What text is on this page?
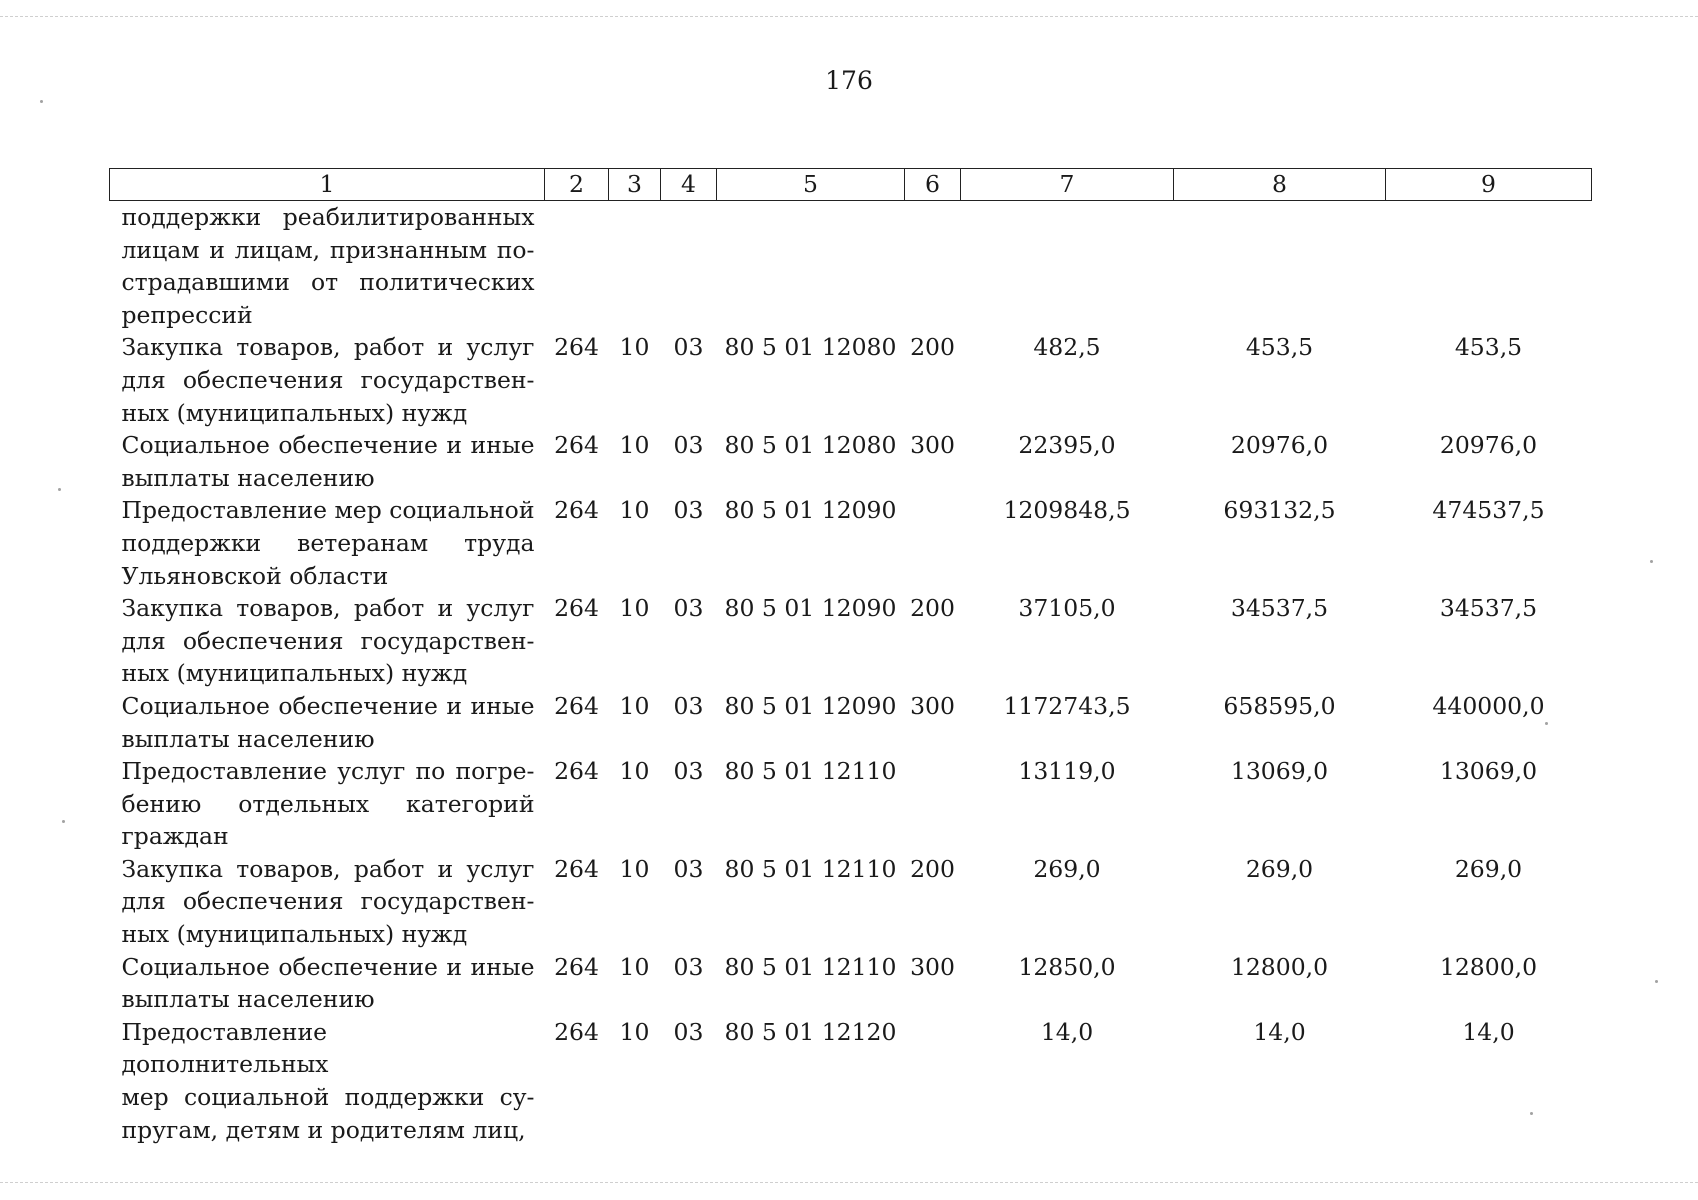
176
1	2	3	4	5	6	7	8	9

поддержки реабилитированных
лицам и лицам, признанным по-
страдавшими от политических
репрессий								

Закупка товаров, работ и услуг
для обеспечения государствен-
ных (муниципальных) нужд	264	10	03	80 5 01 12080	200	482,5	453,5	453,5

Социальное обеспечение и иные
выплаты населению	264	10	03	80 5 01 12080	300	22395,0	20976,0	20976,0

Предоставление мер социальной
поддержки ветеранам труда
Ульяновской области	264	10	03	80 5 01 12090		1209848,5	693132,5	474537,5

Закупка товаров, работ и услуг
для обеспечения государствен-
ных (муниципальных) нужд	264	10	03	80 5 01 12090	200	37105,0	34537,5	34537,5

Социальное обеспечение и иные
выплаты населению	264	10	03	80 5 01 12090	300	1172743,5	658595,0	440000,0

Предоставление услуг по погре-
бению отдельных категорий
граждан	264	10	03	80 5 01 12110		13119,0	13069,0	13069,0

Закупка товаров, работ и услуг
для обеспечения государствен-
ных (муниципальных) нужд	264	10	03	80 5 01 12110	200	269,0	269,0	269,0

Социальное обеспечение и иные
выплаты населению	264	10	03	80 5 01 12110	300	12850,0	12800,0	12800,0

Предоставление дополнительных
мер социальной поддержки су-
пругам, детям и родителям лиц,	264	10	03	80 5 01 12120		14,0	14,0	14,0
